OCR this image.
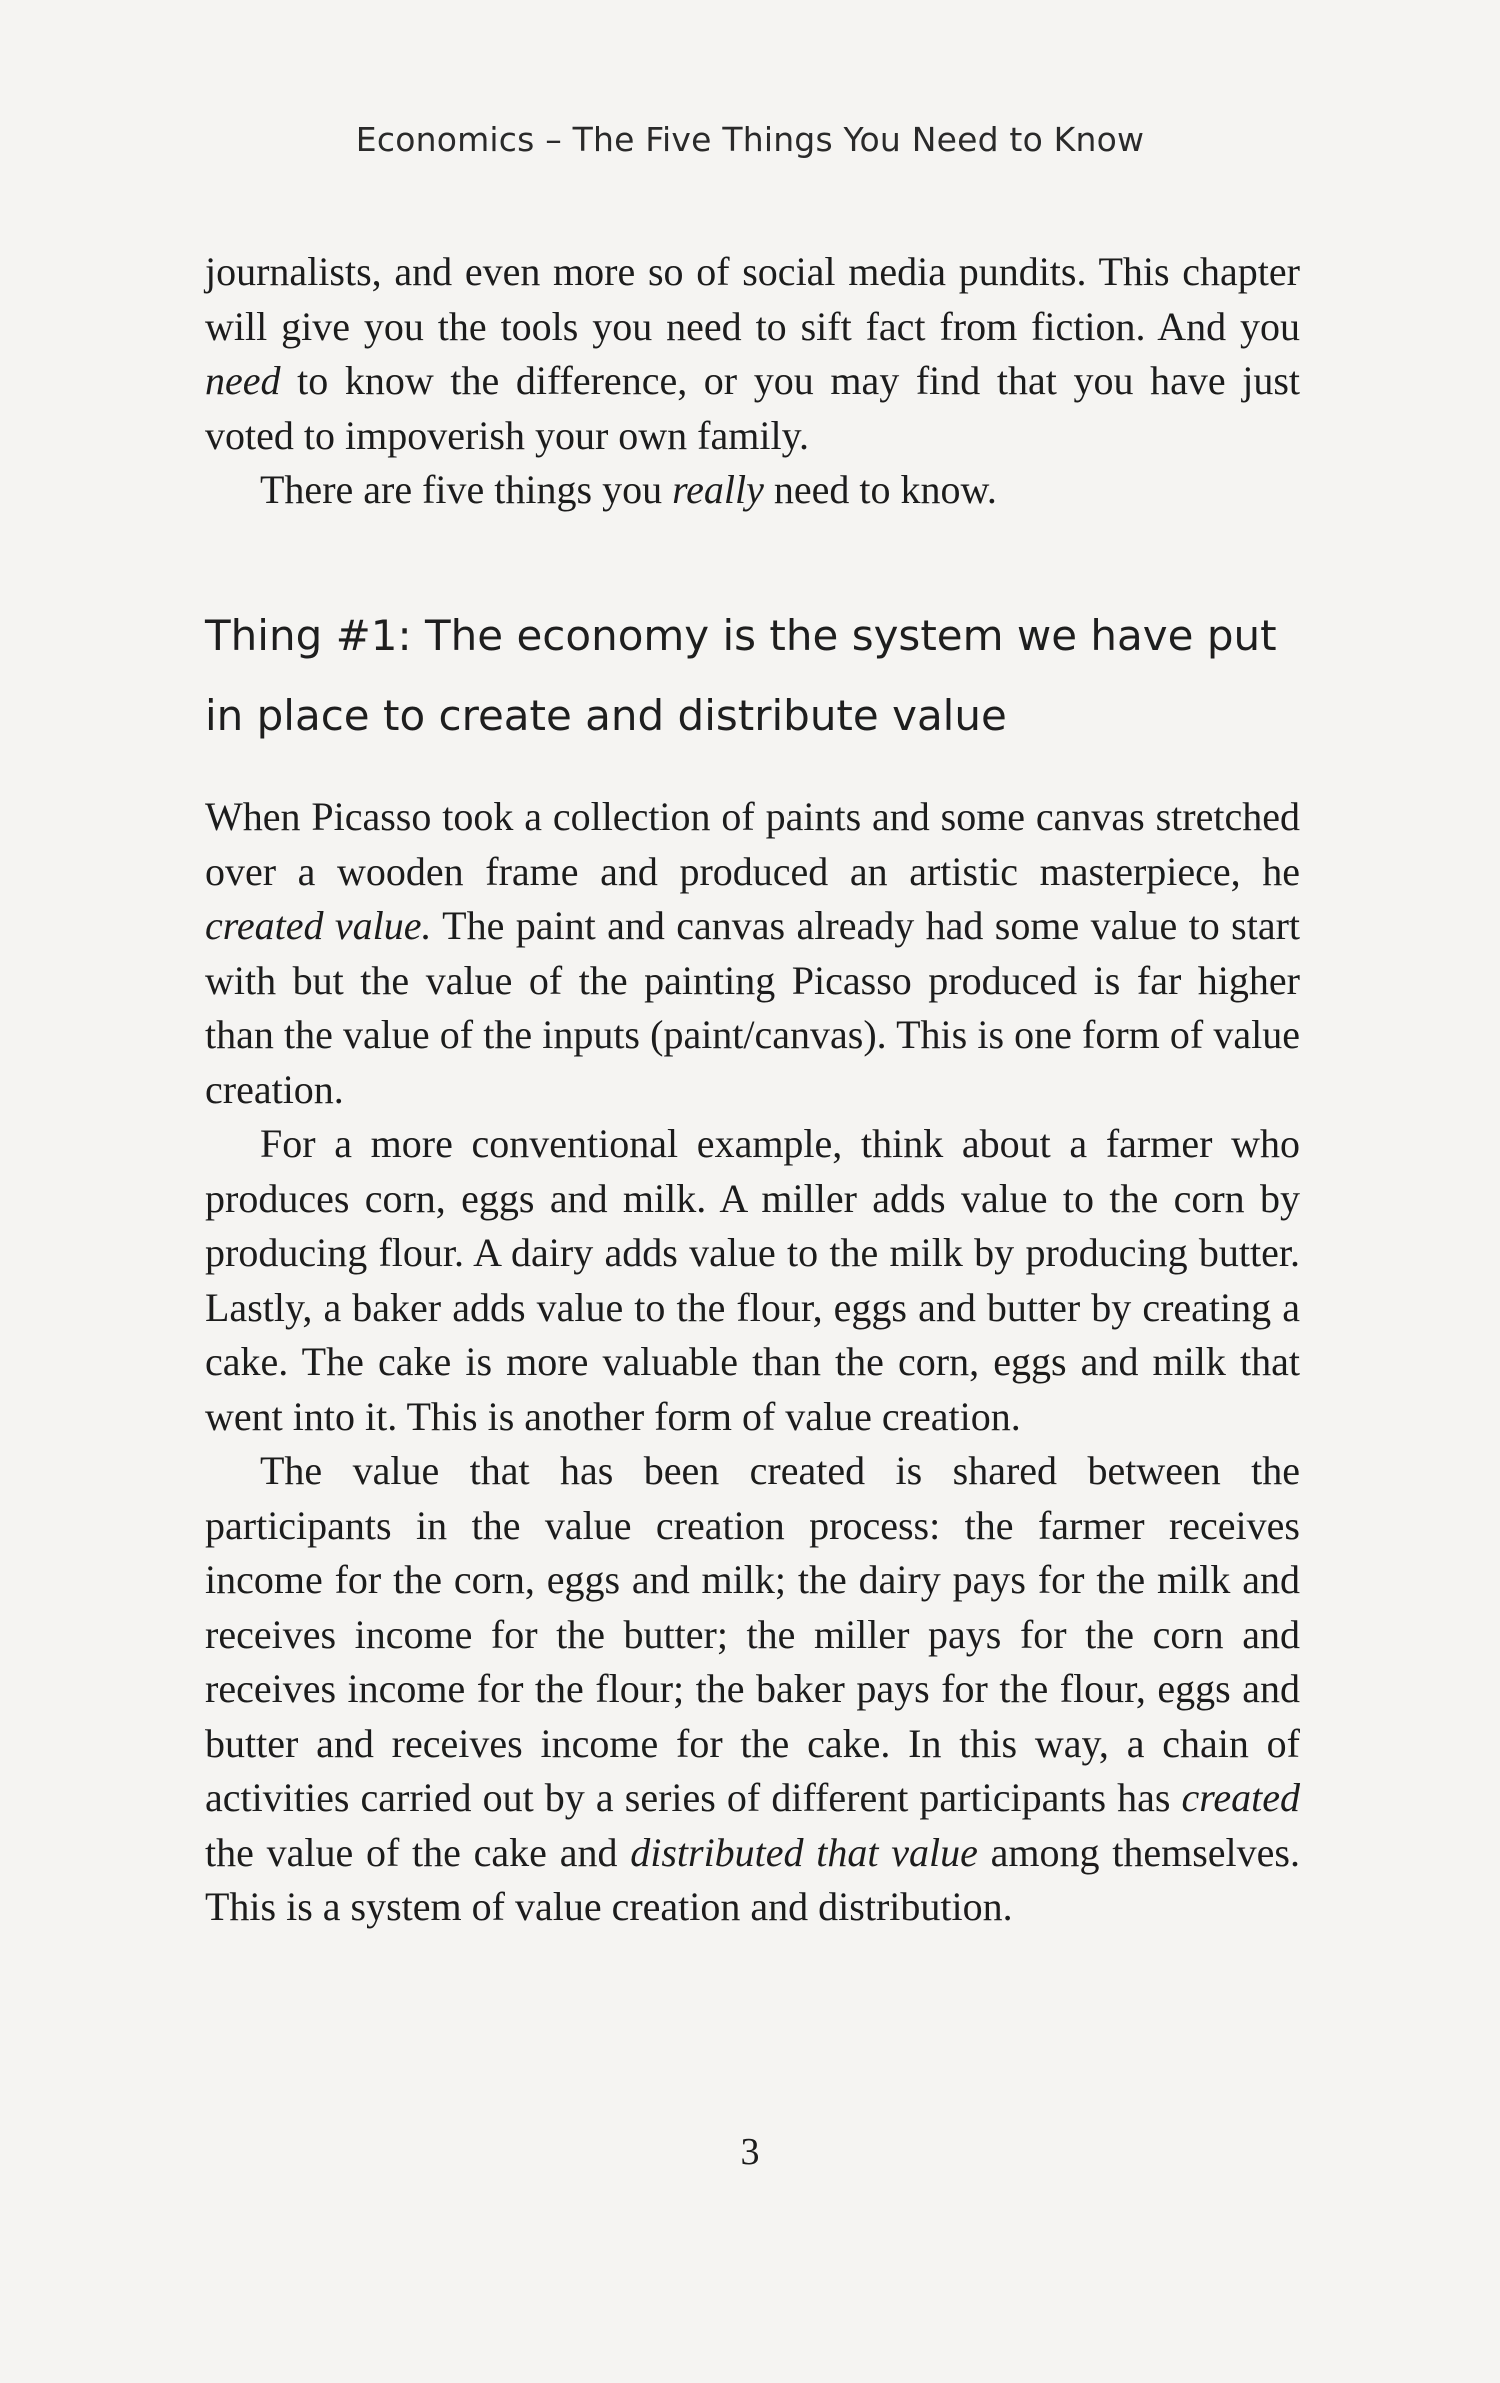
Economics – The Five Things You Need to Know

journalists, and even more so of social media pundits. This chapter will give you the tools you need to sift fact from fiction. And you need to know the difference, or you may find that you have just voted to impoverish your own family.

There are five things you really need to know.

Thing #1: The economy is the system we have put in place to create and distribute value

When Picasso took a collection of paints and some canvas stretched over a wooden frame and produced an artistic masterpiece, he created value. The paint and canvas already had some value to start with but the value of the painting Picasso produced is far higher than the value of the inputs (paint/canvas). This is one form of value creation.

For a more conventional example, think about a farmer who produces corn, eggs and milk. A miller adds value to the corn by producing flour. A dairy adds value to the milk by producing butter. Lastly, a baker adds value to the flour, eggs and butter by creating a cake. The cake is more valuable than the corn, eggs and milk that went into it. This is another form of value creation.

The value that has been created is shared between the participants in the value creation process: the farmer receives income for the corn, eggs and milk; the dairy pays for the milk and receives income for the butter; the miller pays for the corn and receives income for the flour; the baker pays for the flour, eggs and butter and receives income for the cake. In this way, a chain of activities carried out by a series of different participants has created the value of the cake and distributed that value among themselves. This is a system of value creation and distribution.

3
